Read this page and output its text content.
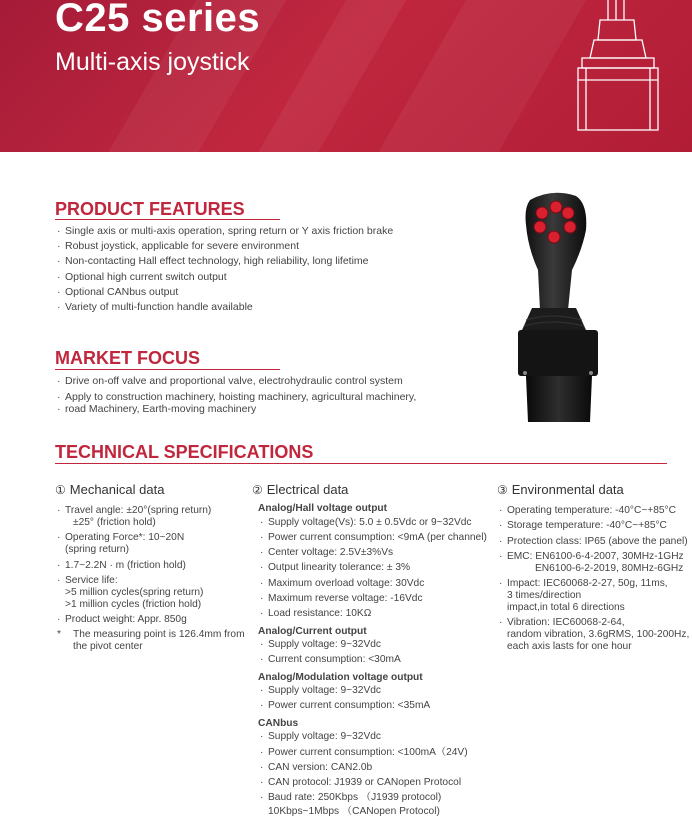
C25 series
Multi-axis joystick
PRODUCT FEATURES
· Single axis or multi-axis operation, spring return or Y axis friction brake
· Robust joystick, applicable for severe environment
· Non-contacting Hall effect technology, high reliability, long lifetime
· Optional high current switch output
· Optional CANbus output
· Variety of multi-function handle available
MARKET FOCUS
· Drive on-off valve and proportional valve, electrohydraulic control system
· Apply to construction machinery, hoisting machinery, agricultural machinery,
· road Machinery, Earth-moving machinery
TECHNICAL SPECIFICATIONS
① Mechanical data
· Travel angle: ±20°(spring return)
±25° (friction hold)
· Operating Force*: 10~20N
(spring return)
· 1.7~2.2N · m (friction hold)
· Service life:
>5 million cycles(spring return)
>1 million cycles (friction hold)
· Product weight: Appr. 850g
* The measuring point is 126.4mm from
the pivot center
② Electrical data
Analog/Hall voltage output
· Supply voltage(Vs): 5.0 ± 0.5Vdc or 9~32Vdc
· Power current consumption: <9mA (per channel)
· Center voltage: 2.5V±3%Vs
· Output linearity tolerance: ± 3%
· Maximum overload voltage: 30Vdc
· Maximum reverse voltage: -16Vdc
· Load resistance: 10KΩ
Analog/Current output
· Supply voltage: 9~32Vdc
· Current consumption: <30mA
Analog/Modulation voltage output
· Supply voltage: 9~32Vdc
· Power current consumption: <35mA
CANbus
· Supply voltage: 9~32Vdc
· Power current consumption: <100mA（24V)
· CAN version: CAN2.0b
· CAN protocol: J1939 or CANopen Protocol
· Baud rate: 250Kbps （J1939 protocol)
10Kbps~1Mbps （CANopen Protocol)
③ Environmental data
· Operating temperature: -40°C~+85°C
· Storage temperature: -40°C~+85°C
· Protection class: IP65 (above the panel)
· EMC: EN6100-6-4-2007, 30MHz-1GHz
EN6100-6-2-2019, 80MHz-6GHz
· Impact: IEC60068-2-27, 50g, 11ms,
3 times/direction
impact,in total 6 directions
· Vibration: IEC60068-2-64,
random vibration, 3.6gRMS, 100-200Hz,
each axis lasts for one hour
